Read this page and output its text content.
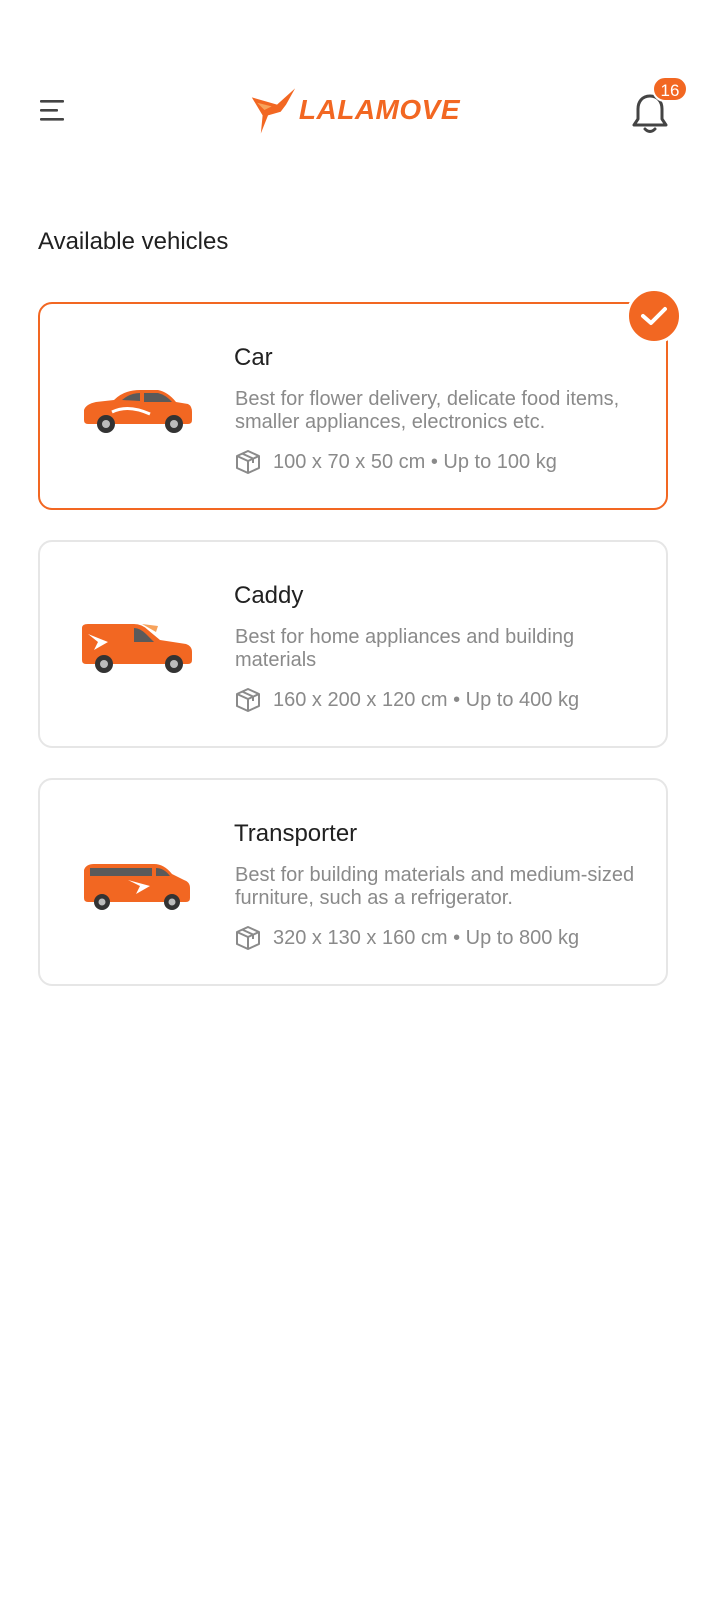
LALAMOVE
16
Available vehicles
Car
Best for flower delivery, delicate food items, smaller appliances, electronics etc.
100 x 70 x 50 cm • Up to 100 kg
Caddy
Best for home appliances and building materials
160 x 200 x 120 cm • Up to 400 kg
Transporter
Best for building materials and medium-sized furniture, such as a refrigerator.
320 x 130 x 160 cm • Up to 800 kg
